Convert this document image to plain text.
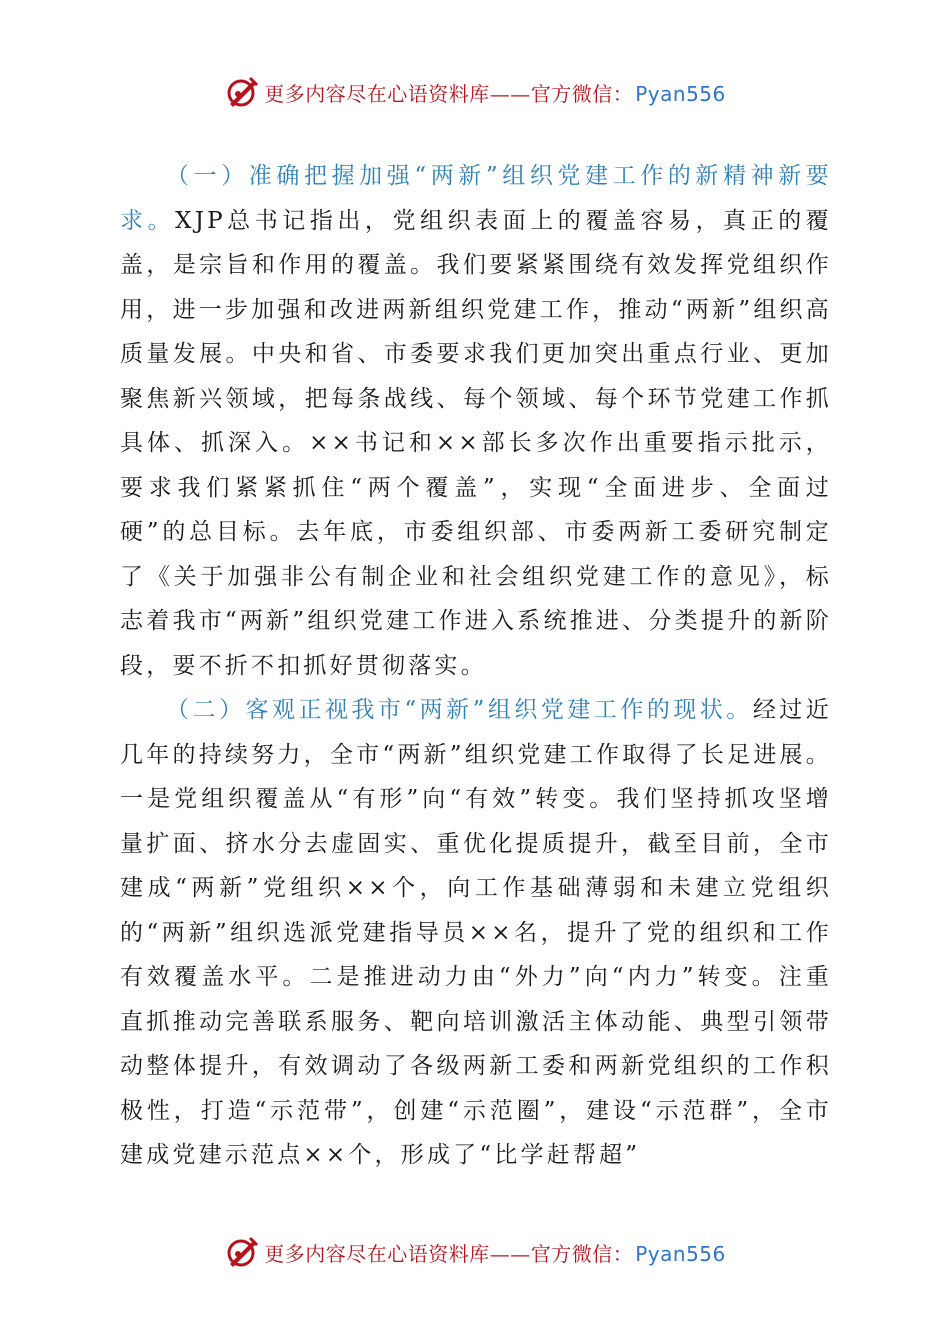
更多内容尽在心语资料库——官方微信： Pyan556

（一）准确把握加强“两新”组织党建工作的新精神新要求。XJP总书记指出，党组织表面上的覆盖容易，真正的覆盖，是宗旨和作用的覆盖。我们要紧紧围绕有效发挥党组织作用，进一步加强和改进两新组织党建工作，推动“两新”组织高质量发展。中央和省、市委要求我们更加突出重点行业、更加聚焦新兴领域，把每条战线、每个领域、每个环节党建工作抓具体、抓深入。××书记和××部长多次作出重要指示批示，要求我们紧紧抓住“两个覆盖”，实现“全面进步、全面过硬”的总目标。去年底，市委组织部、市委两新工委研究制定了《关于加强非公有制企业和社会组织党建工作的意见》，标志着我市“两新”组织党建工作进入系统推进、分类提升的新阶段，要不折不扣抓好贯彻落实。

（二）客观正视我市“两新”组织党建工作的现状。经过近几年的持续努力，全市“两新”组织党建工作取得了长足进展。一是党组织覆盖从“有形”向“有效”转变。我们坚持抓攻坚增量扩面、挤水分去虚固实、重优化提质提升，截至目前，全市建成“两新”党组织××个，向工作基础薄弱和未建立党组织的“两新”组织选派党建指导员××名，提升了党的组织和工作有效覆盖水平。二是推进动力由“外力”向“内力”转变。注重直抓推动完善联系服务、靶向培训激活主体动能、典型引领带动整体提升，有效调动了各级两新工委和两新党组织的工作积极性，打造“示范带”，创建“示范圈”，建设“示范群”，全市建成党建示范点××个，形成了“比学赶帮超”

更多内容尽在心语资料库——官方微信： Pyan556
